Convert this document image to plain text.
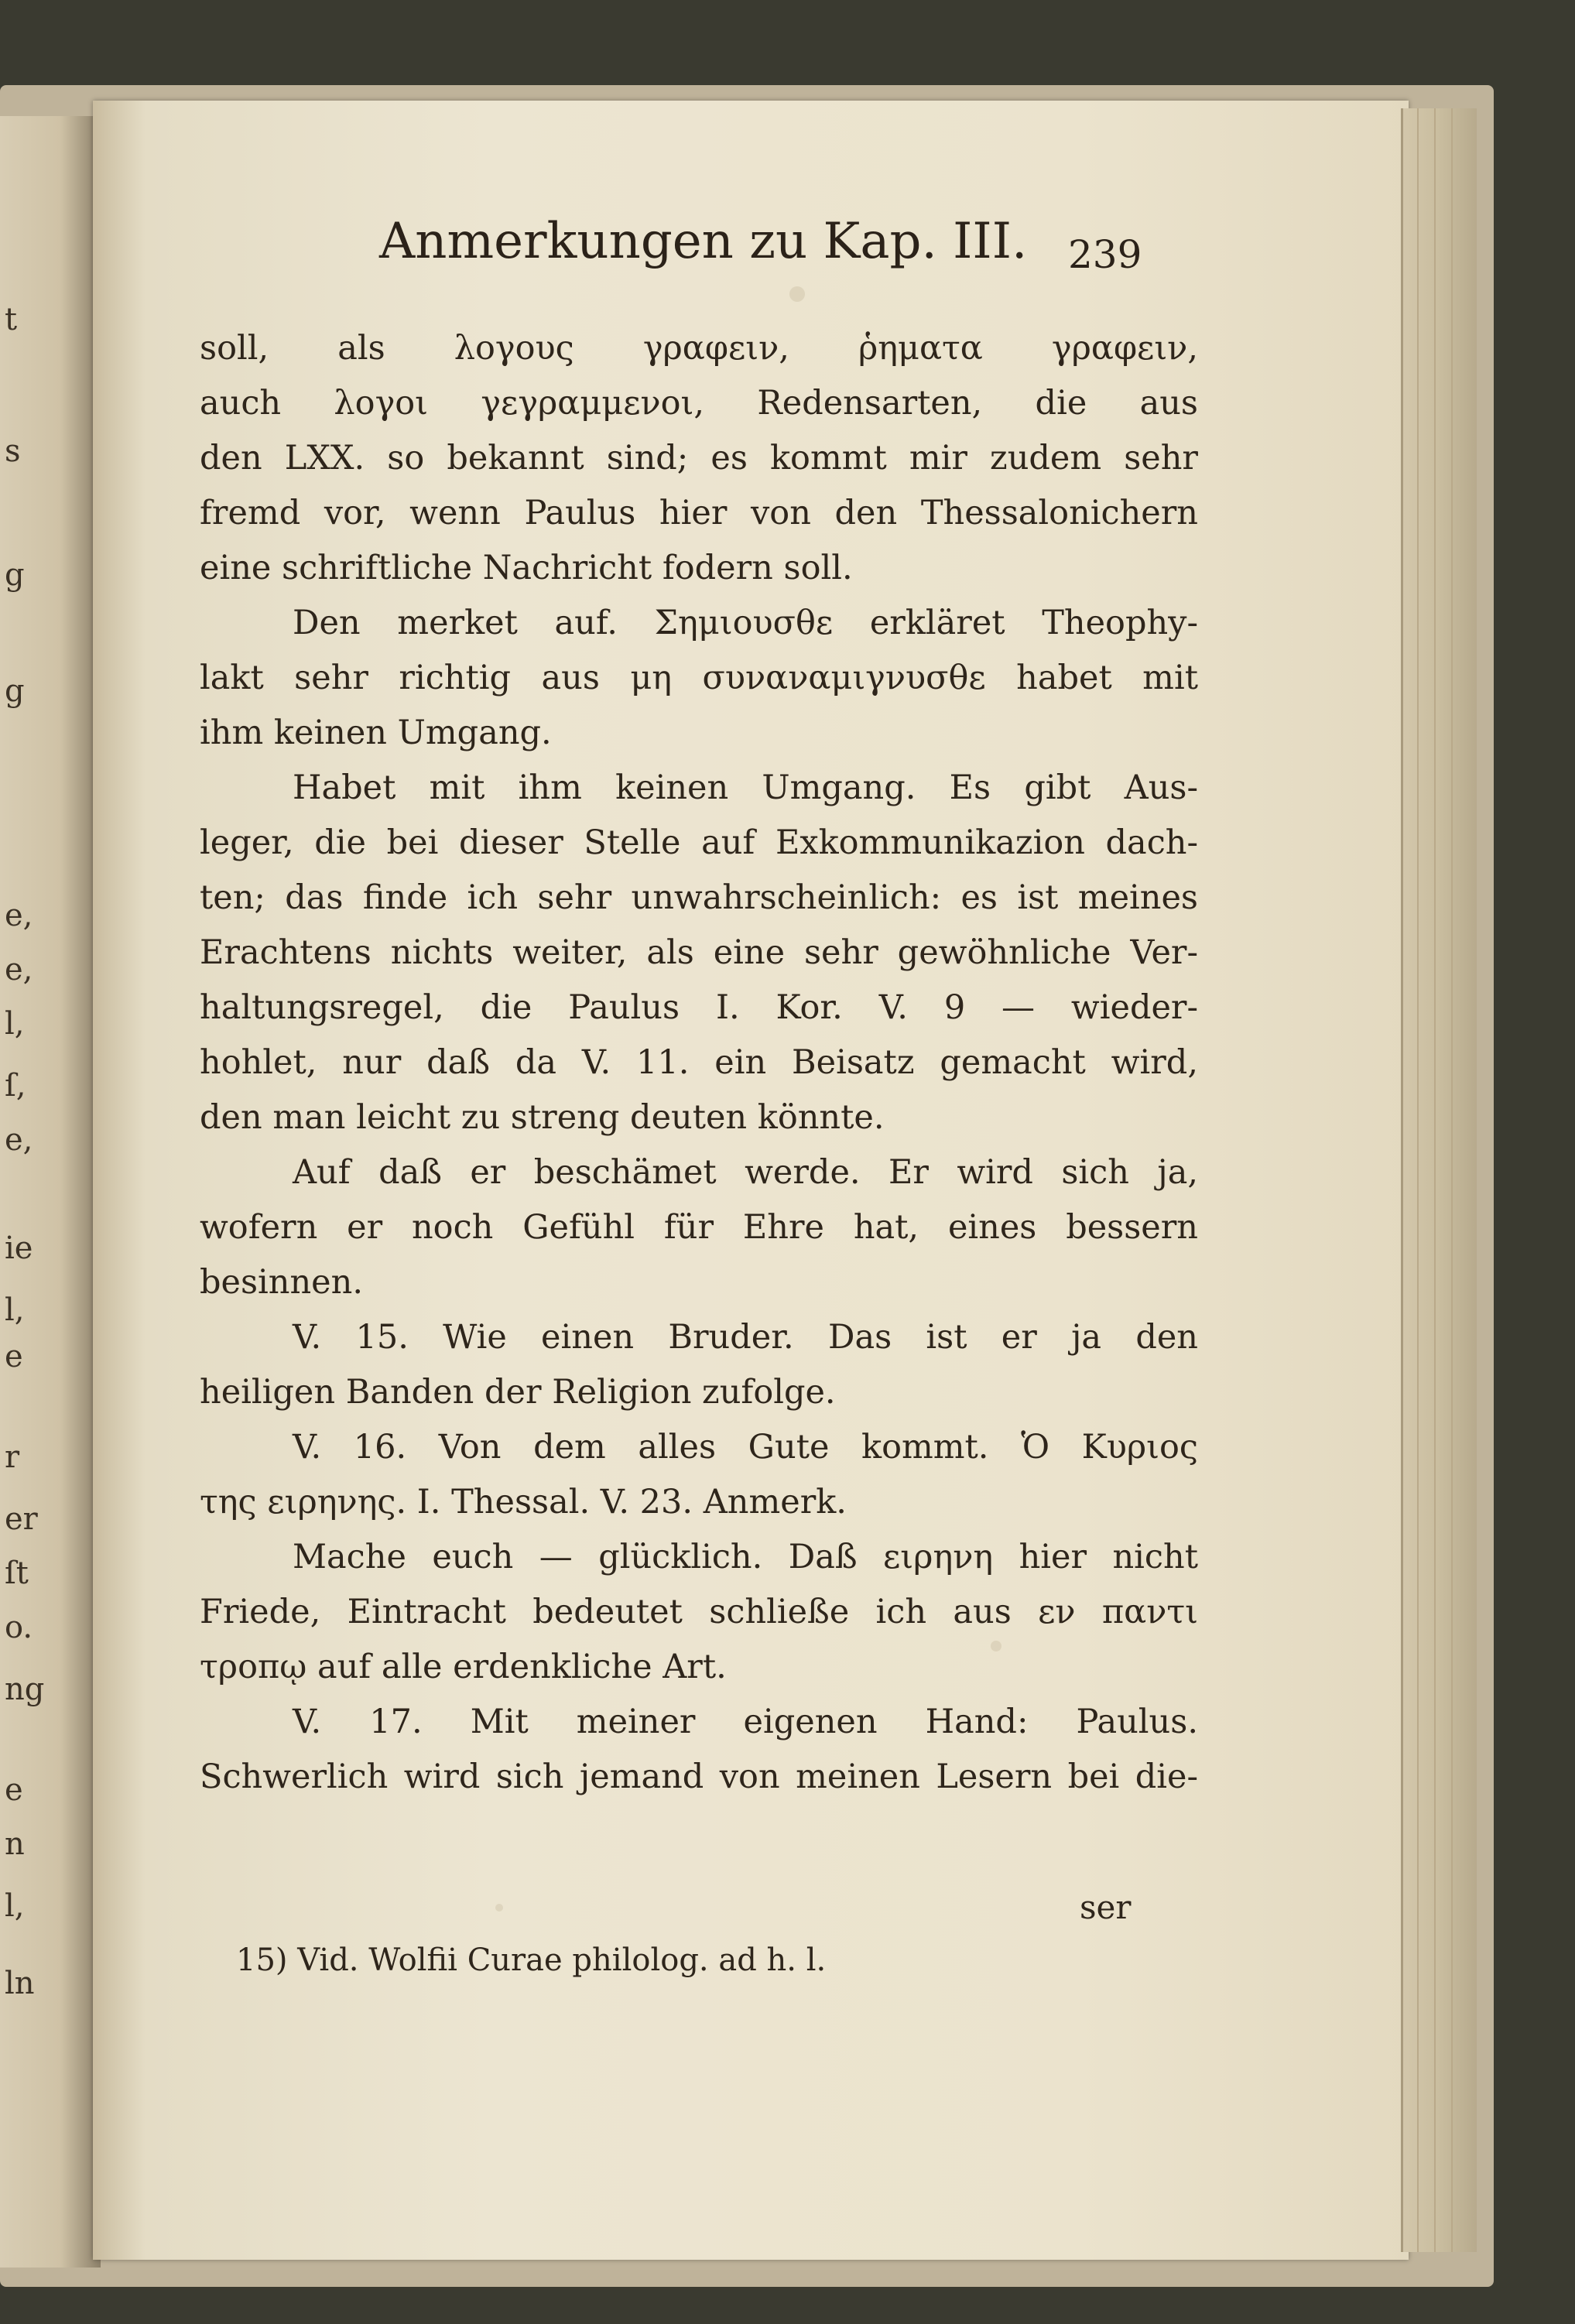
t
s
g
g
e,
e,
l,
ſ,
e,
ie
l,
e
r
er
ſt
o.
ng
e
n
l,
ln
Anmerkungen zu Kap. III.	239
soll, als λογους γραφειν, ῥηματα γραφειν,
auch λογοι γεγραμμενοι, Redensarten, die aus
den LXX. so bekannt sind; es kommt mir zudem sehr
fremd vor, wenn Paulus hier von den Thessalonichern
eine schriftliche Nachricht fodern soll.
Den merket auf. Σημιουσθε erkläret Theophy-
lakt sehr richtig aus μη συναναμιγνυσθε habet mit
ihm keinen Umgang.
Habet mit ihm keinen Umgang. Es gibt Aus-
leger, die bei dieser Stelle auf Exkommunikazion dach-
ten; das finde ich sehr unwahrscheinlich: es ist meines
Erachtens nichts weiter, als eine sehr gewöhnliche Ver-
haltungsregel, die Paulus I. Kor. V. 9 — wieder-
hohlet, nur daß da V. 11. ein Beisatz gemacht wird,
den man leicht zu streng deuten könnte.
Auf daß er beschämet werde. Er wird sich ja,
wofern er noch Gefühl für Ehre hat, eines bessern
besinnen.
V. 15. Wie einen Bruder. Das ist er ja den
heiligen Banden der Religion zufolge.
V. 16. Von dem alles Gute kommt. Ὁ Κυριος
της ειρηνης. I. Thessal. V. 23. Anmerk.
Mache euch — glücklich. Daß ειρηνη hier nicht
Friede, Eintracht bedeutet schließe ich aus εν παντι
τροπῳ auf alle erdenkliche Art.
V. 17. Mit meiner eigenen Hand: Paulus.
Schwerlich wird sich jemand von meinen Lesern bei die-
ser
15) Vid. Wolfii Curae philolog. ad h. l.
